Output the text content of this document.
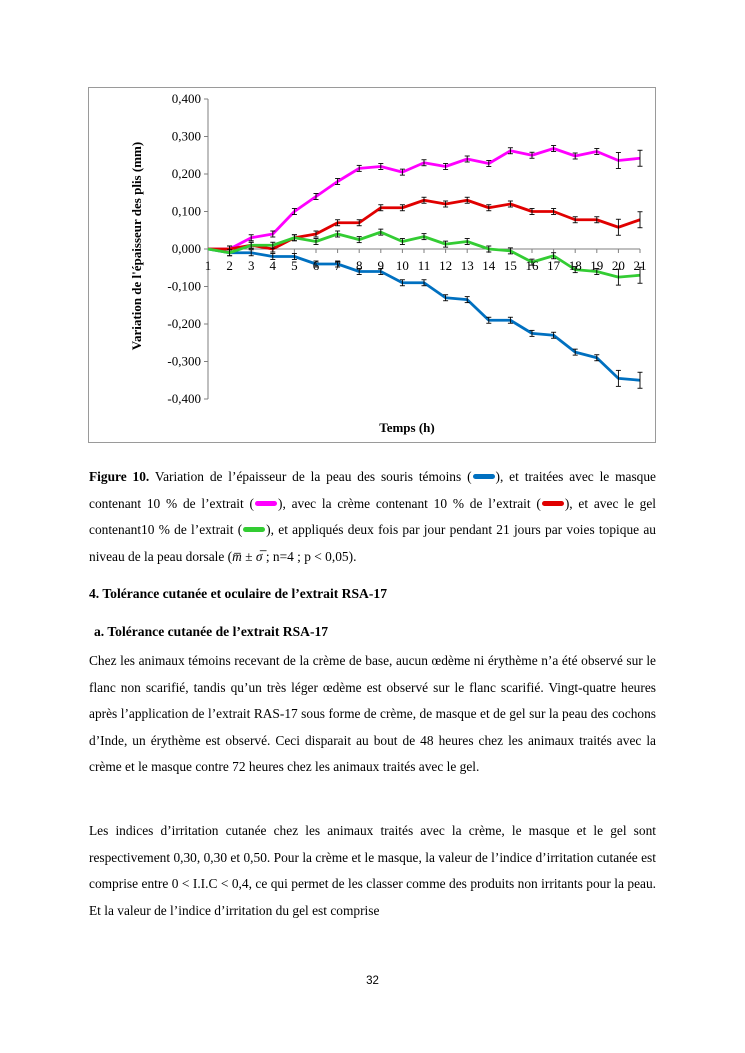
1 2 3 4 5 6 7 8 9 10 11 12 13 14 15 16 17 18 19 20 21
0,400
0,300
0,200
0,100
0,000
-0,100
-0,200
-0,300
-0,400
Variation de l'épaisseur des plis (mm)
Temps (h)

Figure 10. Variation de l’épaisseur de la peau des souris témoins ( ), et traitées avec le masque contenant 10 % de l’extrait ( ), avec la crème contenant 10 % de l’extrait ( ), et avec le gel contenant10 % de l’extrait ( ), et appliqués deux fois par jour pendant 21 jours par voies topique au niveau de la peau dorsale (m̅ ± σ̅ ; n=4 ; p < 0,05).

4. Tolérance cutanée et oculaire de l’extrait RSA-17

a. Tolérance cutanée de l’extrait RSA-17

Chez les animaux témoins recevant de la crème de base, aucun œdème ni érythème n’a été observé sur le flanc non scarifié, tandis qu’un très léger œdème est observé sur le flanc scarifié. Vingt-quatre heures après l’application de l’extrait RAS-17 sous forme de crème, de masque et de gel sur la peau des cochons d’Inde, un érythème est observé. Ceci disparait au bout de 48 heures chez les animaux traités avec la crème et le masque contre 72 heures chez les animaux traités avec le gel.

Les indices d’irritation cutanée chez les animaux traités avec la crème, le masque et le gel sont respectivement 0,30, 0,30 et 0,50. Pour la crème et le masque, la valeur de l’indice d’irritation cutanée est comprise entre 0 < I.I.C < 0,4, ce qui permet de les classer comme des produits non irritants pour la peau. Et la valeur de l’indice d’irritation du gel est comprise

32
